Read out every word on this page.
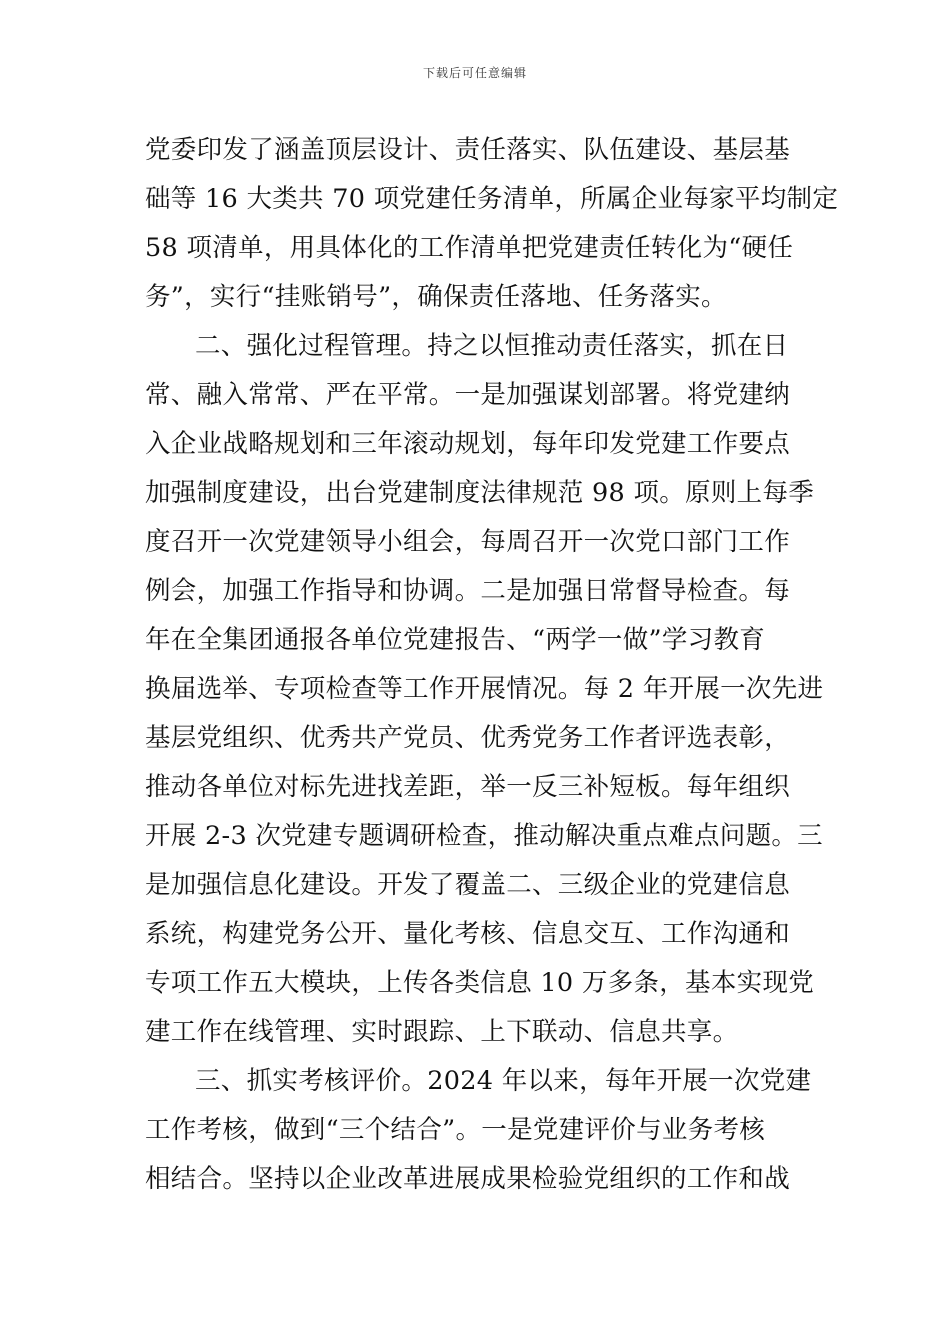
下载后可任意编辑
党委印发了涵盖顶层设计、责任落实、队伍建设、基层基
础等 16 大类共 70 项党建任务清单，所属企业每家平均制定
58 项清单，用具体化的工作清单把党建责任转化为“硬任
务”，实行“挂账销号”，确保责任落地、任务落实。
二、强化过程管理。持之以恒推动责任落实，抓在日
常、融入常常、严在平常。一是加强谋划部署。将党建纳
入企业战略规划和三年滚动规划，每年印发党建工作要点
加强制度建设，出台党建制度法律规范 98 项。原则上每季
度召开一次党建领导小组会，每周召开一次党口部门工作
例会，加强工作指导和协调。二是加强日常督导检查。每
年在全集团通报各单位党建报告、“两学一做”学习教育
换届选举、专项检查等工作开展情况。每 2 年开展一次先进
基层党组织、优秀共产党员、优秀党务工作者评选表彰，
推动各单位对标先进找差距，举一反三补短板。每年组织
开展 2-3 次党建专题调研检查，推动解决重点难点问题。三
是加强信息化建设。开发了覆盖二、三级企业的党建信息
系统，构建党务公开、量化考核、信息交互、工作沟通和
专项工作五大模块，上传各类信息 10 万多条，基本实现党
建工作在线管理、实时跟踪、上下联动、信息共享。
三、抓实考核评价。2024 年以来，每年开展一次党建
工作考核，做到“三个结合”。一是党建评价与业务考核
相结合。坚持以企业改革进展成果检验党组织的工作和战
